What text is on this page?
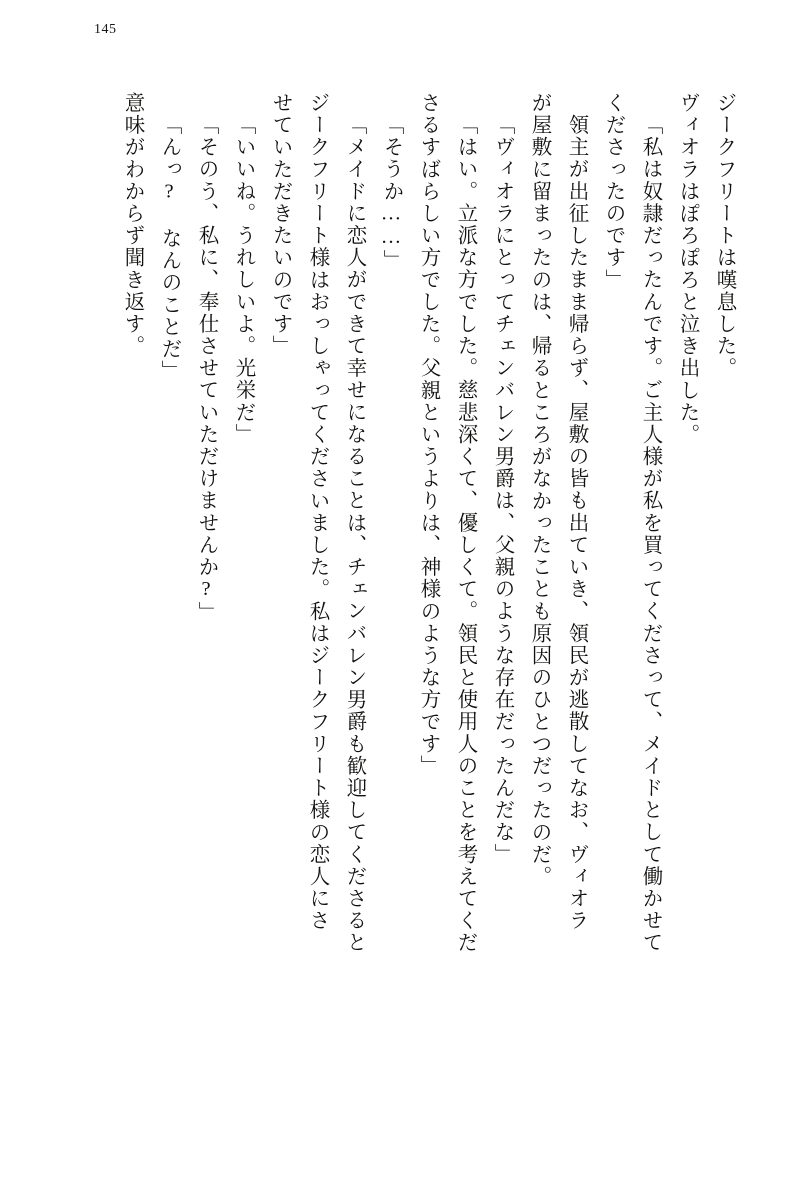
145
ジークフリートは嘆息した。
ヴィオラはぽろぽろと泣き出した。
「私は奴隷だったんです。ご主人様が私を買ってくださって、メイドとして働かせて
くださったのです」
領主が出征したまま帰らず、屋敷の皆も出ていき、領民が逃散してなお、ヴィオラ
が屋敷に留まったのは、帰るところがなかったことも原因のひとつだったのだ。
「ヴィオラにとってチェンバレン男爵は、父親のような存在だったんだな」
「はい。立派な方でした。慈悲深くて、優しくて。領民と使用人のことを考えてくだ
さるすばらしい方でした。父親というよりは、神様のような方です」
「そうか……」
「メイドに恋人ができて幸せになることは、チェンバレン男爵も歓迎してくださると
ジークフリート様はおっしゃってくださいました。私はジークフリート様の恋人にさ
せていただきたいのです」
「いいね。うれしいよ。光栄だ」
「そのう、私に、奉仕させていただけませんか?」
「んっ? なんのことだ」
意味がわからず聞き返す。
